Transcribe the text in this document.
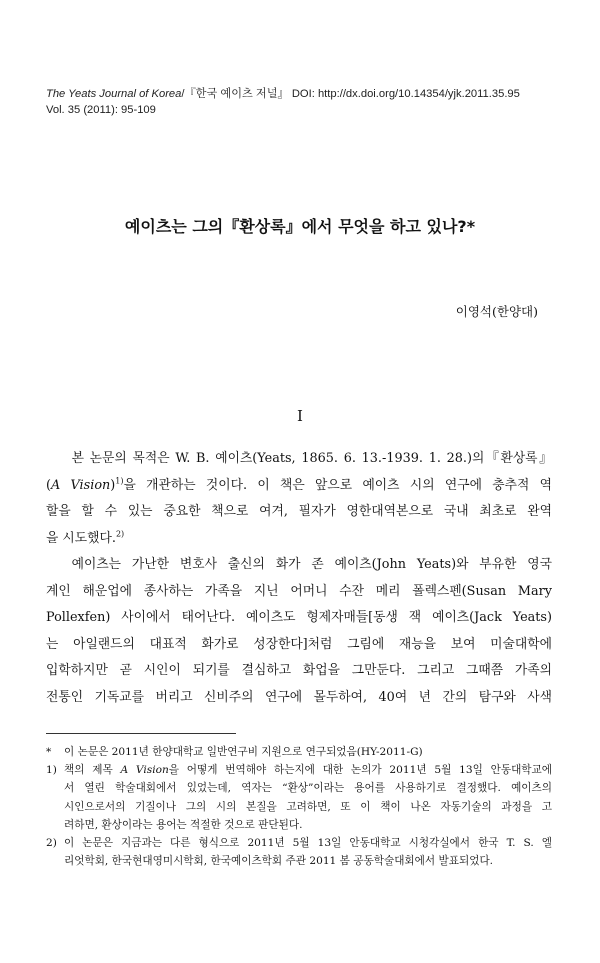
The Yeats Journal of Korea/『한국 예이츠 저널』 DOI: http://dx.doi.org/10.14354/yjk.2011.35.95
Vol. 35 (2011): 95-109
예이츠는 그의『환상록』에서 무엇을 하고 있나?*
이영석(한양대)
I
본 논문의 목적은 W. B. 예이츠(Yeats, 1865. 6. 13.-1939. 1. 28.)의『환상록』
(A Vision)$^{1)}$을 개관하는 것이다. 이 책은 앞으로 예이츠 시의 연구에 충추적 역
할을 할 수 있는 중요한 책으로 여겨, 필자가 영한대역본으로 국내 최초로 완역
을 시도했다.$^{2)}$
예이츠는 가난한 변호사 출신의 화가 존 예이츠(John Yeats)와 부유한 영국
계인 해운업에 종사하는 가족을 지닌 어머니 수잔 메리 폴렉스펜(Susan Mary
Pollexfen) 사이에서 태어난다. 예이츠도 형제자매들[동생 잭 예이츠(Jack Yeats)
는 아일랜드의 대표적 화가로 성장한다]처럼 그림에 재능을 보여 미술대학에
입학하지만 곧 시인이 되기를 결심하고 화업을 그만둔다. 그리고 그때쯤 가족의
전통인 기독교를 버리고 신비주의 연구에 몰두하여, 40여 년 간의 탐구와 사색
*	이 논문은 2011년 한양대학교 일반연구비 지원으로 연구되었음(HY-2011-G)
1) 책의 제목 A Vision을 어떻게 번역해야 하는지에 대한 논의가 2011년 5월 13일 안동대학교에
서 열린 학술대회에서 있었는데, 역자는 “환상”이라는 용어를 사용하기로 결정했다. 예이츠의
시인으로서의 기질이나 그의 시의 본질을 고려하면, 또 이 책이 나온 자동기술의 과정을 고
려하면, 환상이라는 용어는 적절한 것으로 판단된다.
2) 이 논문은 지금과는 다른 형식으로 2011년 5월 13일 안동대학교 시청각실에서 한국 T. S. 엘
리엇학회, 한국현대영미시학회, 한국예이츠학회 주관 2011 봄 공동학술대회에서 발표되었다.
